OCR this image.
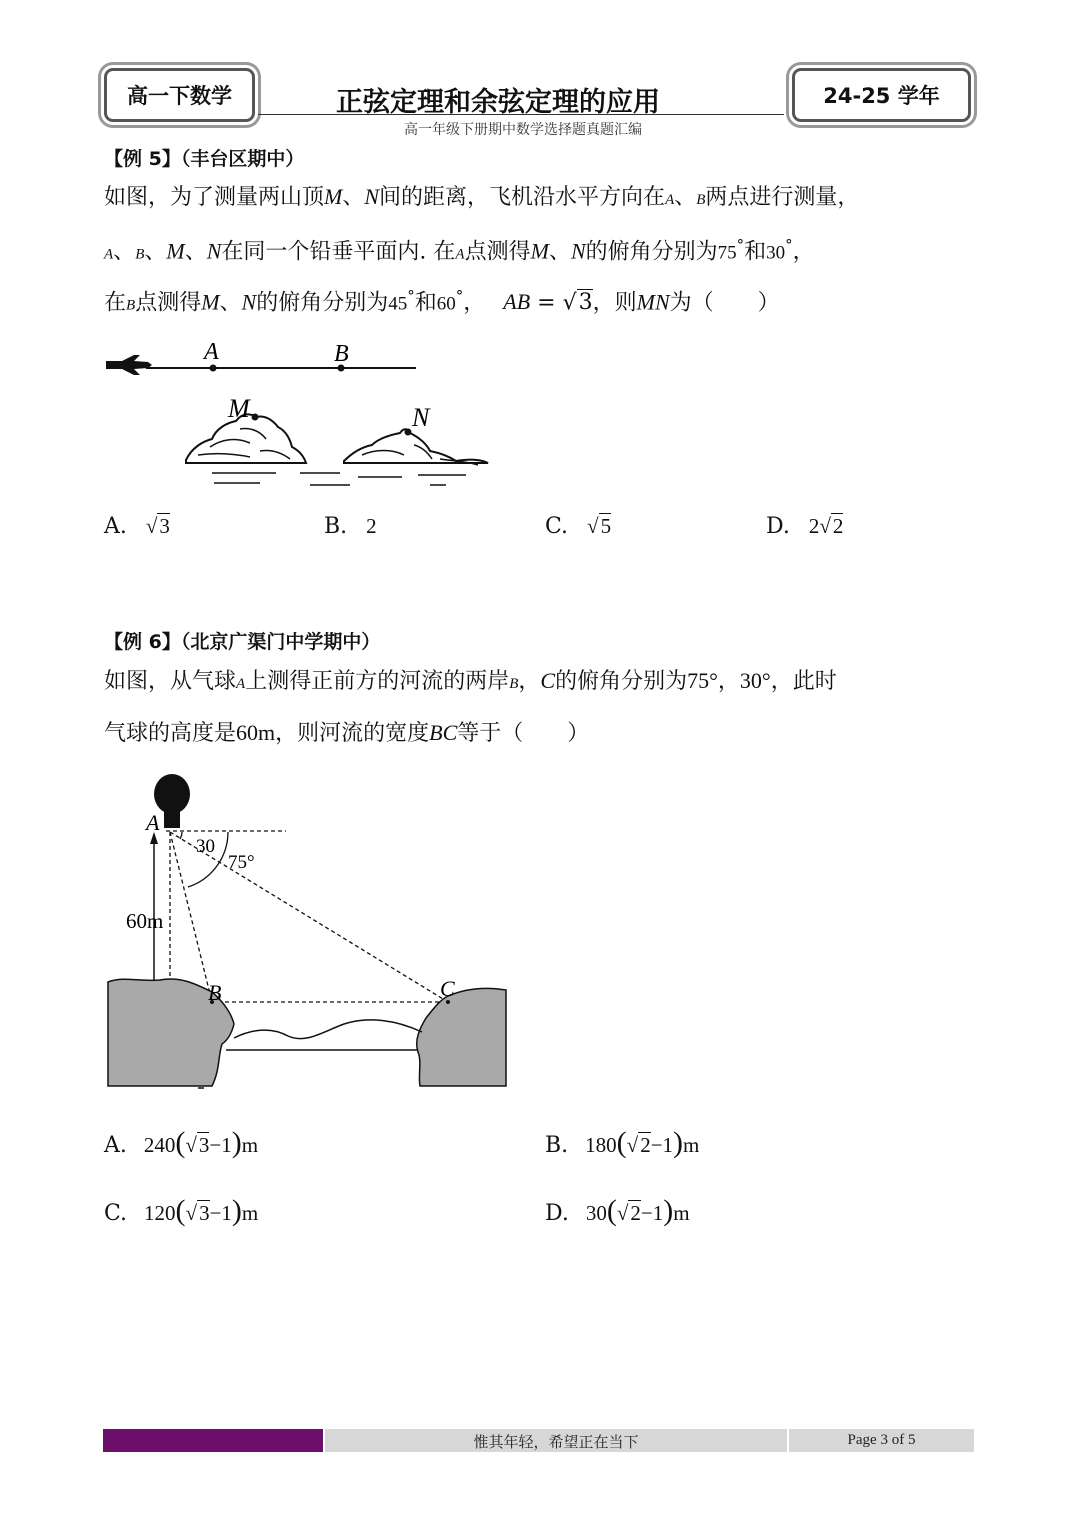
高一下数学	正弦定理和余弦定理的应用	24-25 学年
高一年级下册期中数学选择题真题汇编
【例 5】（丰台区期中）
如图，为了测量两山顶M、N间的距离，飞机沿水平方向在A、B两点进行测量，
A、B、M、N在同一个铅垂平面内. 在A点测得M、N的俯角分别为75°和30°，
在B点测得M、N的俯角分别为45°和60°， AB = √3，则MN为（　　）
A	B
M	N
A. √3	B. 2	C. √5	D. 2√2
【例 6】（北京广渠门中学期中）
如图，从气球A上测得正前方的河流的两岸B，C的俯角分别为75°，30°，此时
气球的高度是60m，则河流的宽度BC等于（　　）
30
75°
A
60m
B	C
A. 240(√3−1)m	B. 180(√2−1)m
C. 120(√3−1)m	D. 30(√2−1)m
惟其年轻，希望正在当下	Page 3 of 5
